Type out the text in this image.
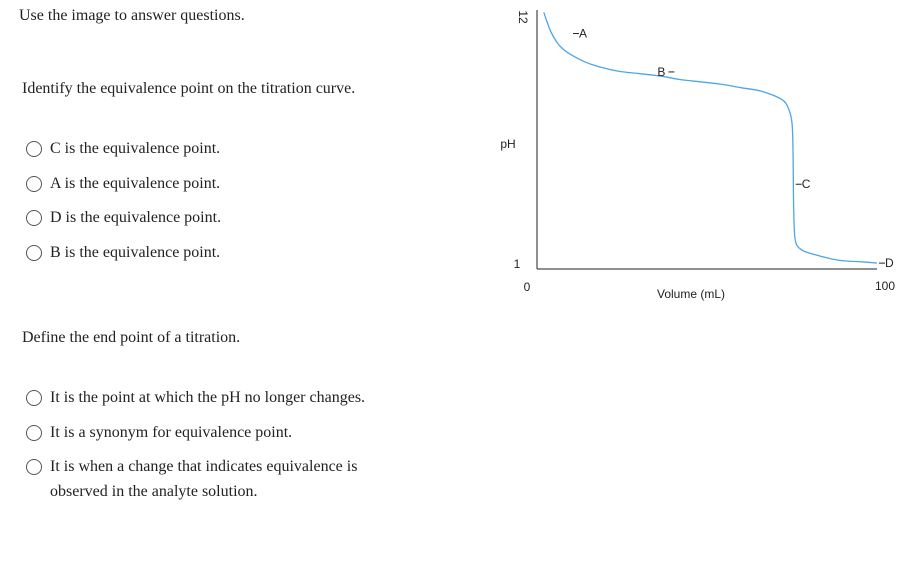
Use the image to answer questions.
Identify the equivalence point on the titration curve.
C is the equivalence point.
A is the equivalence point.
D is the equivalence point.
B is the equivalence point.
Define the end point of a titration.
It is the point at which the pH no longer changes.
It is a synonym for equivalence point.
It is when a change that indicates equivalence is observed in the analyte solution.
pH
Volume (mL)
12
1
0	100
A
B
C
D
